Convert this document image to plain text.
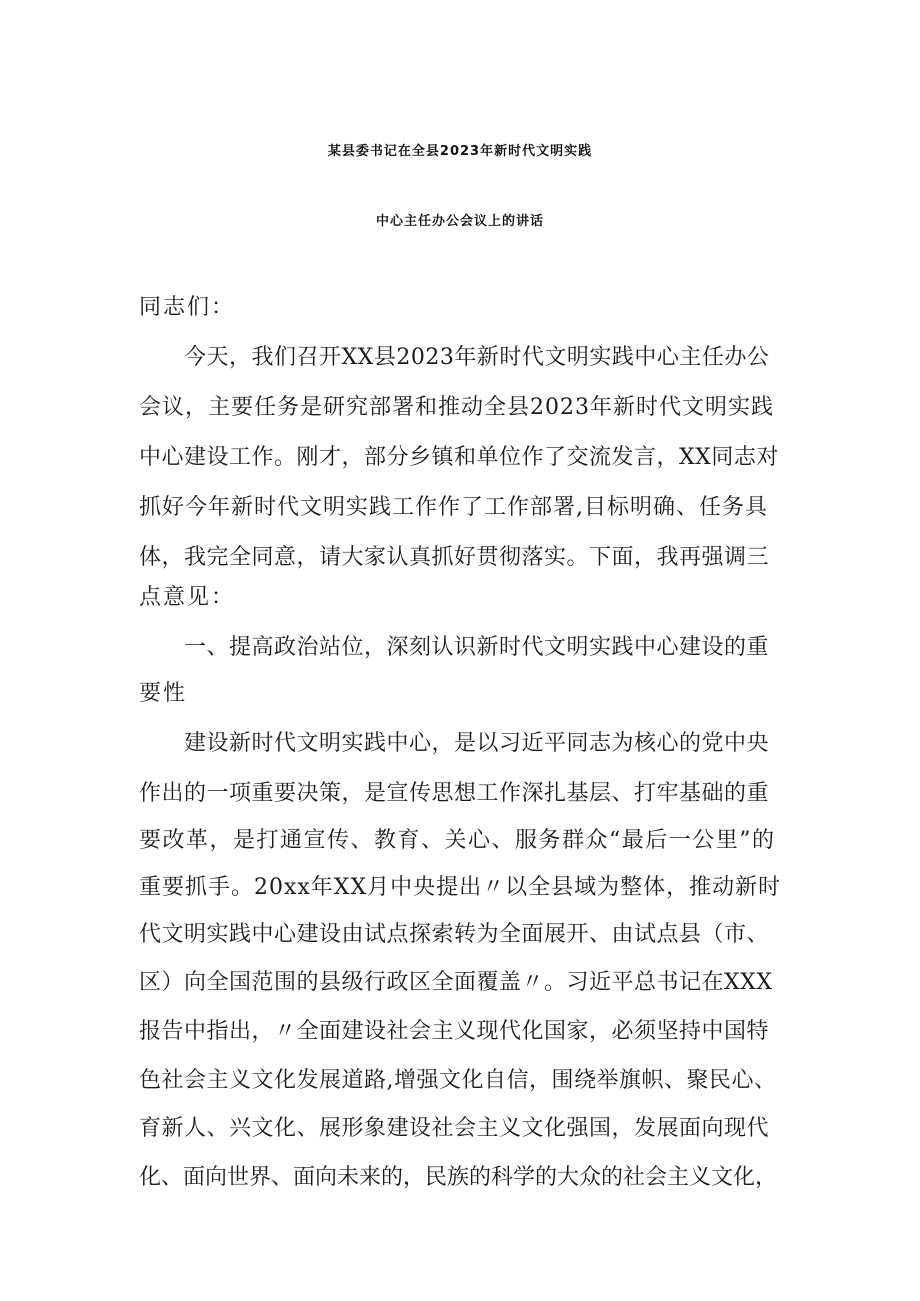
某县委书记在全县2023年新时代文明实践
中心主任办公会议上的讲话
同志们：
　　今天，我们召开XX县2023年新时代文明实践中心主任办公
会议，主要任务是研究部署和推动全县2023年新时代文明实践
中心建设工作。刚才，部分乡镇和单位作了交流发言，XX同志对
抓好今年新时代文明实践工作作了工作部署,目标明确、任务具
体，我完全同意，请大家认真抓好贯彻落实。下面，我再强调三
点意见：
　　一、提高政治站位，深刻认识新时代文明实践中心建设的重
要性
　　建设新时代文明实践中心，是以习近平同志为核心的党中央
作出的一项重要决策，是宣传思想工作深扎基层、打牢基础的重
要改革，是打通宣传、教育、关心、服务群众“最后一公里”的
重要抓手。20xx年XX月中央提出〃以全县域为整体，推动新时
代文明实践中心建设由试点探索转为全面展开、由试点县（市、
区）向全国范围的县级行政区全面覆盖〃。习近平总书记在XXX
报告中指出，〃全面建设社会主义现代化国家，必须坚持中国特
色社会主义文化发展道路,增强文化自信，围绕举旗帜、聚民心、
育新人、兴文化、展形象建设社会主义文化强国，发展面向现代
化、面向世界、面向未来的，民族的科学的大众的社会主义文化，
